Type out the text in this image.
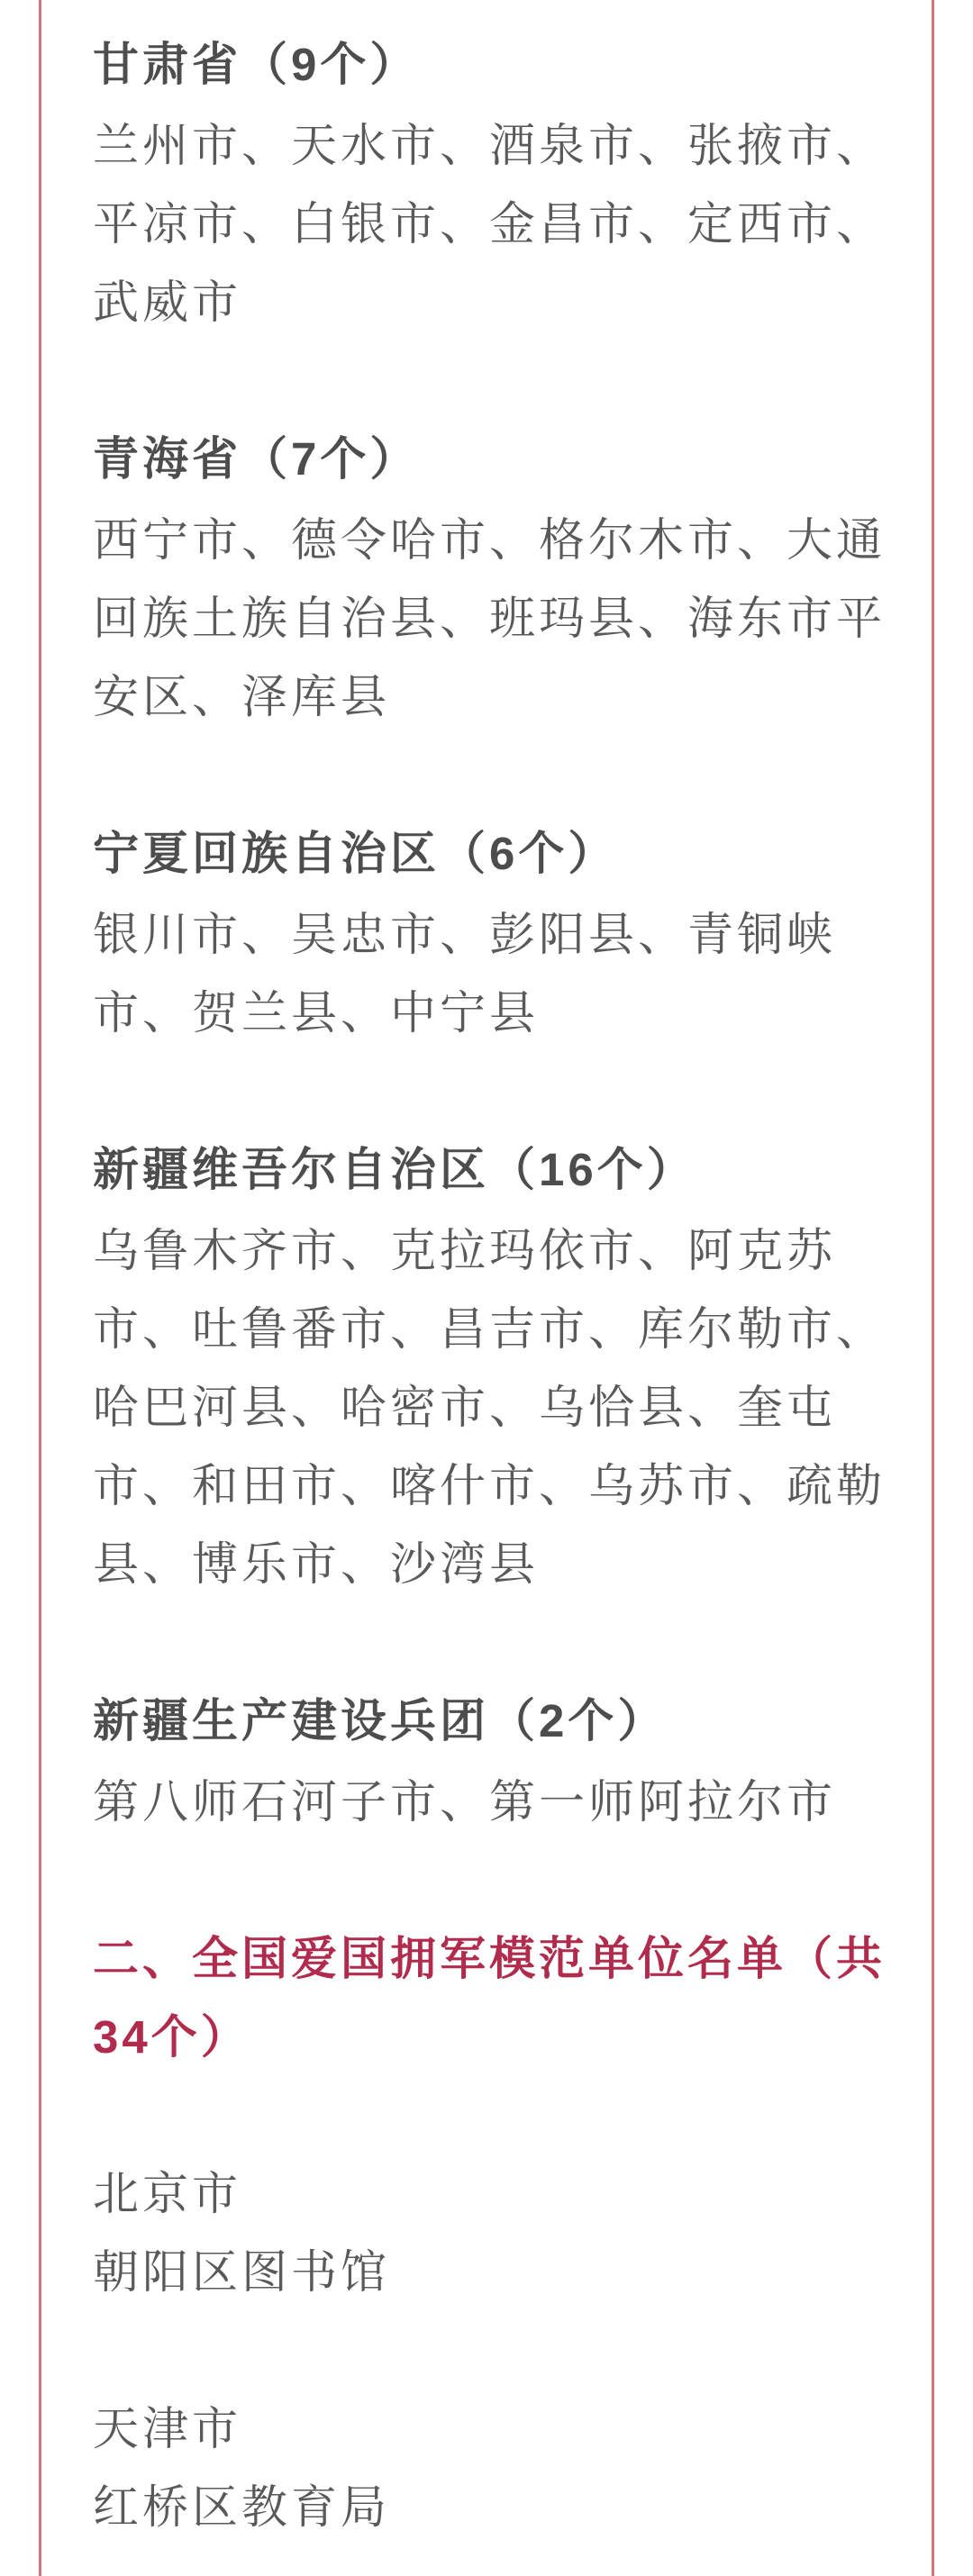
甘肃省（9个）
兰州市、天水市、酒泉市、张掖市、
平凉市、白银市、金昌市、定西市、
武威市
青海省（7个）
西宁市、德令哈市、格尔木市、大通
回族土族自治县、班玛县、海东市平
安区、泽库县
宁夏回族自治区（6个）
银川市、吴忠市、彭阳县、青铜峡
市、贺兰县、中宁县
新疆维吾尔自治区（16个）
乌鲁木齐市、克拉玛依市、阿克苏
市、吐鲁番市、昌吉市、库尔勒市、
哈巴河县、哈密市、乌恰县、奎屯
市、和田市、喀什市、乌苏市、疏勒
县、博乐市、沙湾县
新疆生产建设兵团（2个）
第八师石河子市、第一师阿拉尔市
二、全国爱国拥军模范单位名单（共
34个）
北京市
朝阳区图书馆
天津市
红桥区教育局
